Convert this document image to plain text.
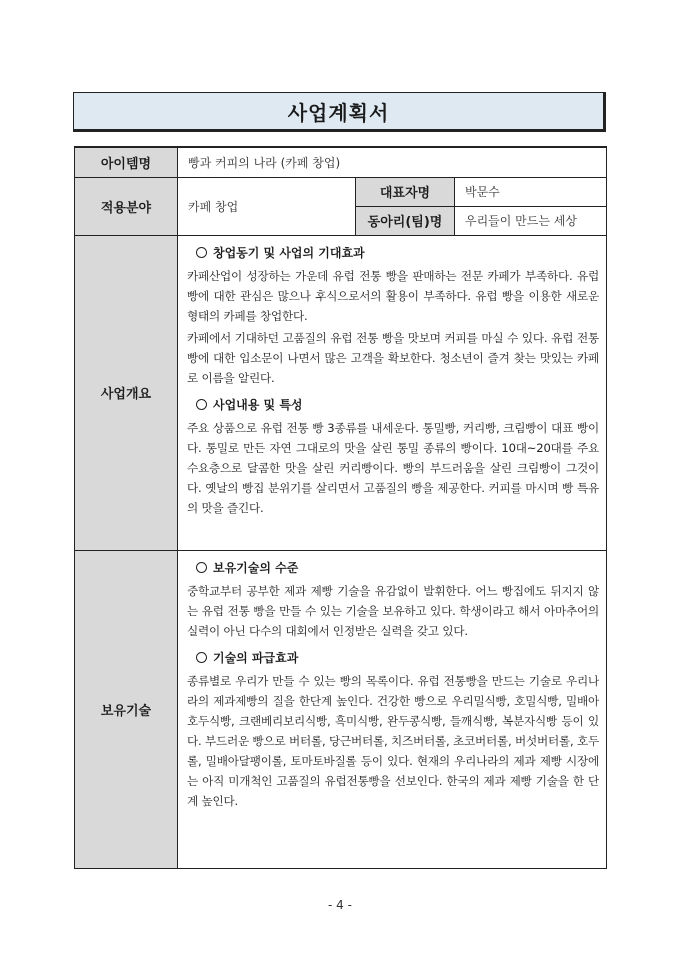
사업계획서
아이템명	빵과 커피의 나라 (카페 창업)		
적용분야	카페 창업	대표자명	박문수
		동아리(팀)명	우리들이 만드는 세상
사업개요	창업동기 및 사업의 기대효과

카페산업이 성장하는 가운데 유럽 전통 빵을 판매하는 전문 카페가 부족하다. 유럽 빵에 대한 관심은 많으나 후식으로서의 활용이 부족하다. 유럽 빵을 이용한 새로운 형태의 카페를 창업한다.

카페에서 기대하던 고품질의 유럽 전통 빵을 맛보며 커피를 마실 수 있다. 유럽 전통 빵에 대한 입소문이 나면서 많은 고객을 확보한다. 청소년이 즐겨 찾는 맛있는 카페로 이름을 알린다.

사업내용 및 특성

주요 상품으로 유럽 전통 빵 3종류를 내세운다. 통밀빵, 커리빵, 크림빵이 대표 빵이다. 통밀로 만든 자연 그대로의 맛을 살린 통밀 종류의 빵이다. 10대~20대를 주요 수요층으로 달콤한 맛을 살린 커리빵이다. 빵의 부드러움을 살린 크림빵이 그것이다. 옛날의 빵집 분위기를 살리면서 고품질의 빵을 제공한다. 커피를 마시며 빵 특유의 맛을 즐긴다.		

보유기술	보유기술의 수준

중학교부터 공부한 제과 제빵 기술을 유감없이 발휘한다. 어느 빵집에도 뒤지지 않는 유럽 전통 빵을 만들 수 있는 기술을 보유하고 있다. 학생이라고 해서 아마추어의 실력이 아닌 다수의 대회에서 인정받은 실력을 갖고 있다.

기술의 파급효과

종류별로 우리가 만들 수 있는 빵의 목록이다. 유럽 전통빵을 만드는 기술로 우리나라의 제과제빵의 질을 한단계 높인다. 건강한 빵으로 우리밀식빵, 호밀식빵, 밀배아호두식빵, 크랜베리보리식빵, 흑미식빵, 완두콩식빵, 들깨식빵, 복분자식빵 등이 있다. 부드러운 빵으로 버터롤, 당근버터롤, 치즈버터롤, 초코버터롤, 버섯버터롤, 호두롤, 밀배아달팽이롤, 토마토바질롤 등이 있다. 현재의 우리나라의 제과 제빵 시장에는 아직 미개척인 고품질의 유럽전통빵을 선보인다. 한국의 제과 제빵 기술을 한 단계 높인다.		

- 4 -
